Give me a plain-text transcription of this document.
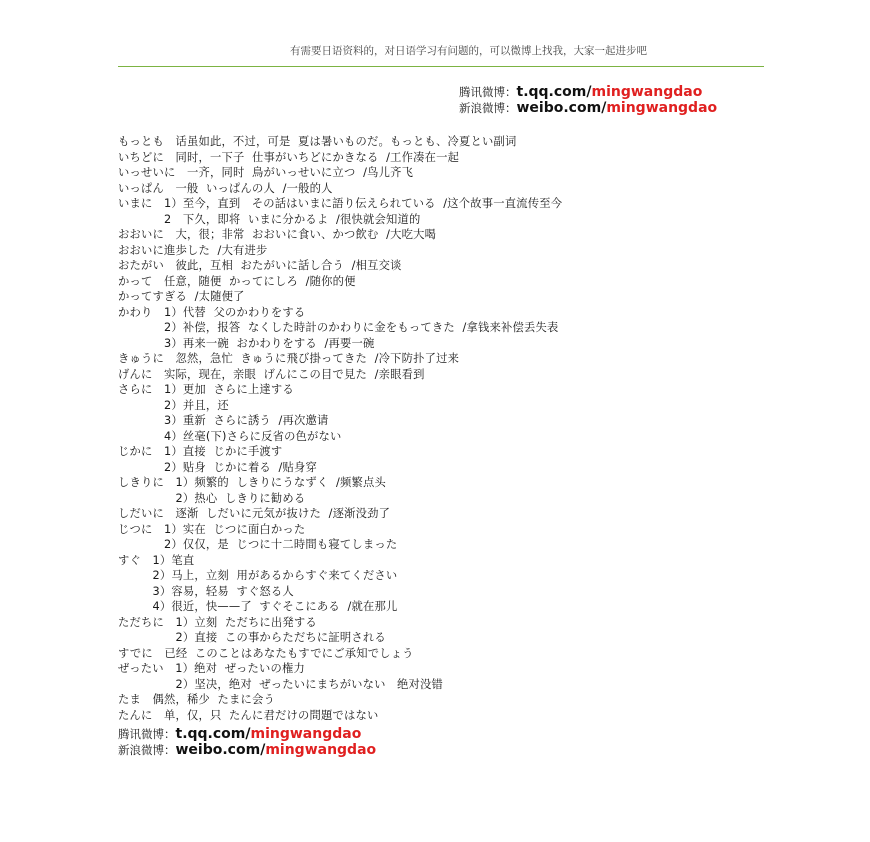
有需要日语资料的，对日语学习有问题的，可以微博上找我，大家一起进步吧
腾讯微博：t.qq.com/mingwangdao
新浪微博：weibo.com/mingwangdao
もっとも　话虽如此，不过，可是  夏は暑いものだ。もっとも、冷夏とい副词
いちどに　同时，一下子  仕事がいちどにかきなる  /工作凑在一起
いっせいに　一齐，同时  鳥がいっせいに立つ  /鸟儿齐飞
いっぱん　一般  いっぱんの人  /一般的人
いまに　1）至今，直到   その話はいまに語り伝えられている  /这个故事一直流传至今
　　　　2　下久，即将  いまに分かるよ  /很快就会知道的
おおいに　大，很；非常  おおいに食い、かつ飲む  /大吃大喝
おおいに進歩した  /大有进步
おたがい　彼此，互相  おたがいに話し合う  /相互交谈
かって　任意，随便  かってにしろ  /随你的便
かってすぎる  /太随便了
かわり　1）代替  父のかわりをする
　　　　2）补偿，报答  なくした時計のかわりに金をもってきた  /拿钱来补偿丢失表
　　　　3）再来一碗  おかわりをする  /再要一碗
きゅうに　忽然，急忙  きゅうに飛び掛ってきた  /冷下防扑了过来
げんに　实际，现在，亲眼  げんにこの目で見た  /亲眼看到
さらに　1）更加  さらに上達する
　　　　2）并且，还
　　　　3）重新  さらに誘う  /再次邀请
　　　　4）丝毫(下)さらに反省の色がない
じかに　1）直接  じかに手渡す
　　　　2）贴身  じかに着る  /贴身穿
しきりに　1）频繁的  しきりにうなずく  /频繁点头
　　　　　2）热心  しきりに勧める
しだいに　逐渐  しだいに元気が抜けた  /逐渐没劲了
じつに　1）实在  じつに面白かった
　　　　2）仅仅，是  じつに十二時間も寝てしまった
すぐ　1）笔直
　　　2）马上，立刻  用があるからすぐ来てください
　　　3）容易，轻易  すぐ怒る人
　　　4）很近，快——了  すぐそこにある  /就在那儿
ただちに　1）立刻  ただちに出発する
　　　　　2）直接  この事からただちに証明される
すでに　已经  このことはあなたもすでにご承知でしょう
ぜったい　1）绝对  ぜったいの権力
　　　　　2）坚决，绝对  ぜったいにまちがいない   绝对没错
たま　偶然，稀少  たまに会う
たんに　单，仅，只  たんに君だけの問題ではない
腾讯微博：t.qq.com/mingwangdao
新浪微博：weibo.com/mingwangdao
